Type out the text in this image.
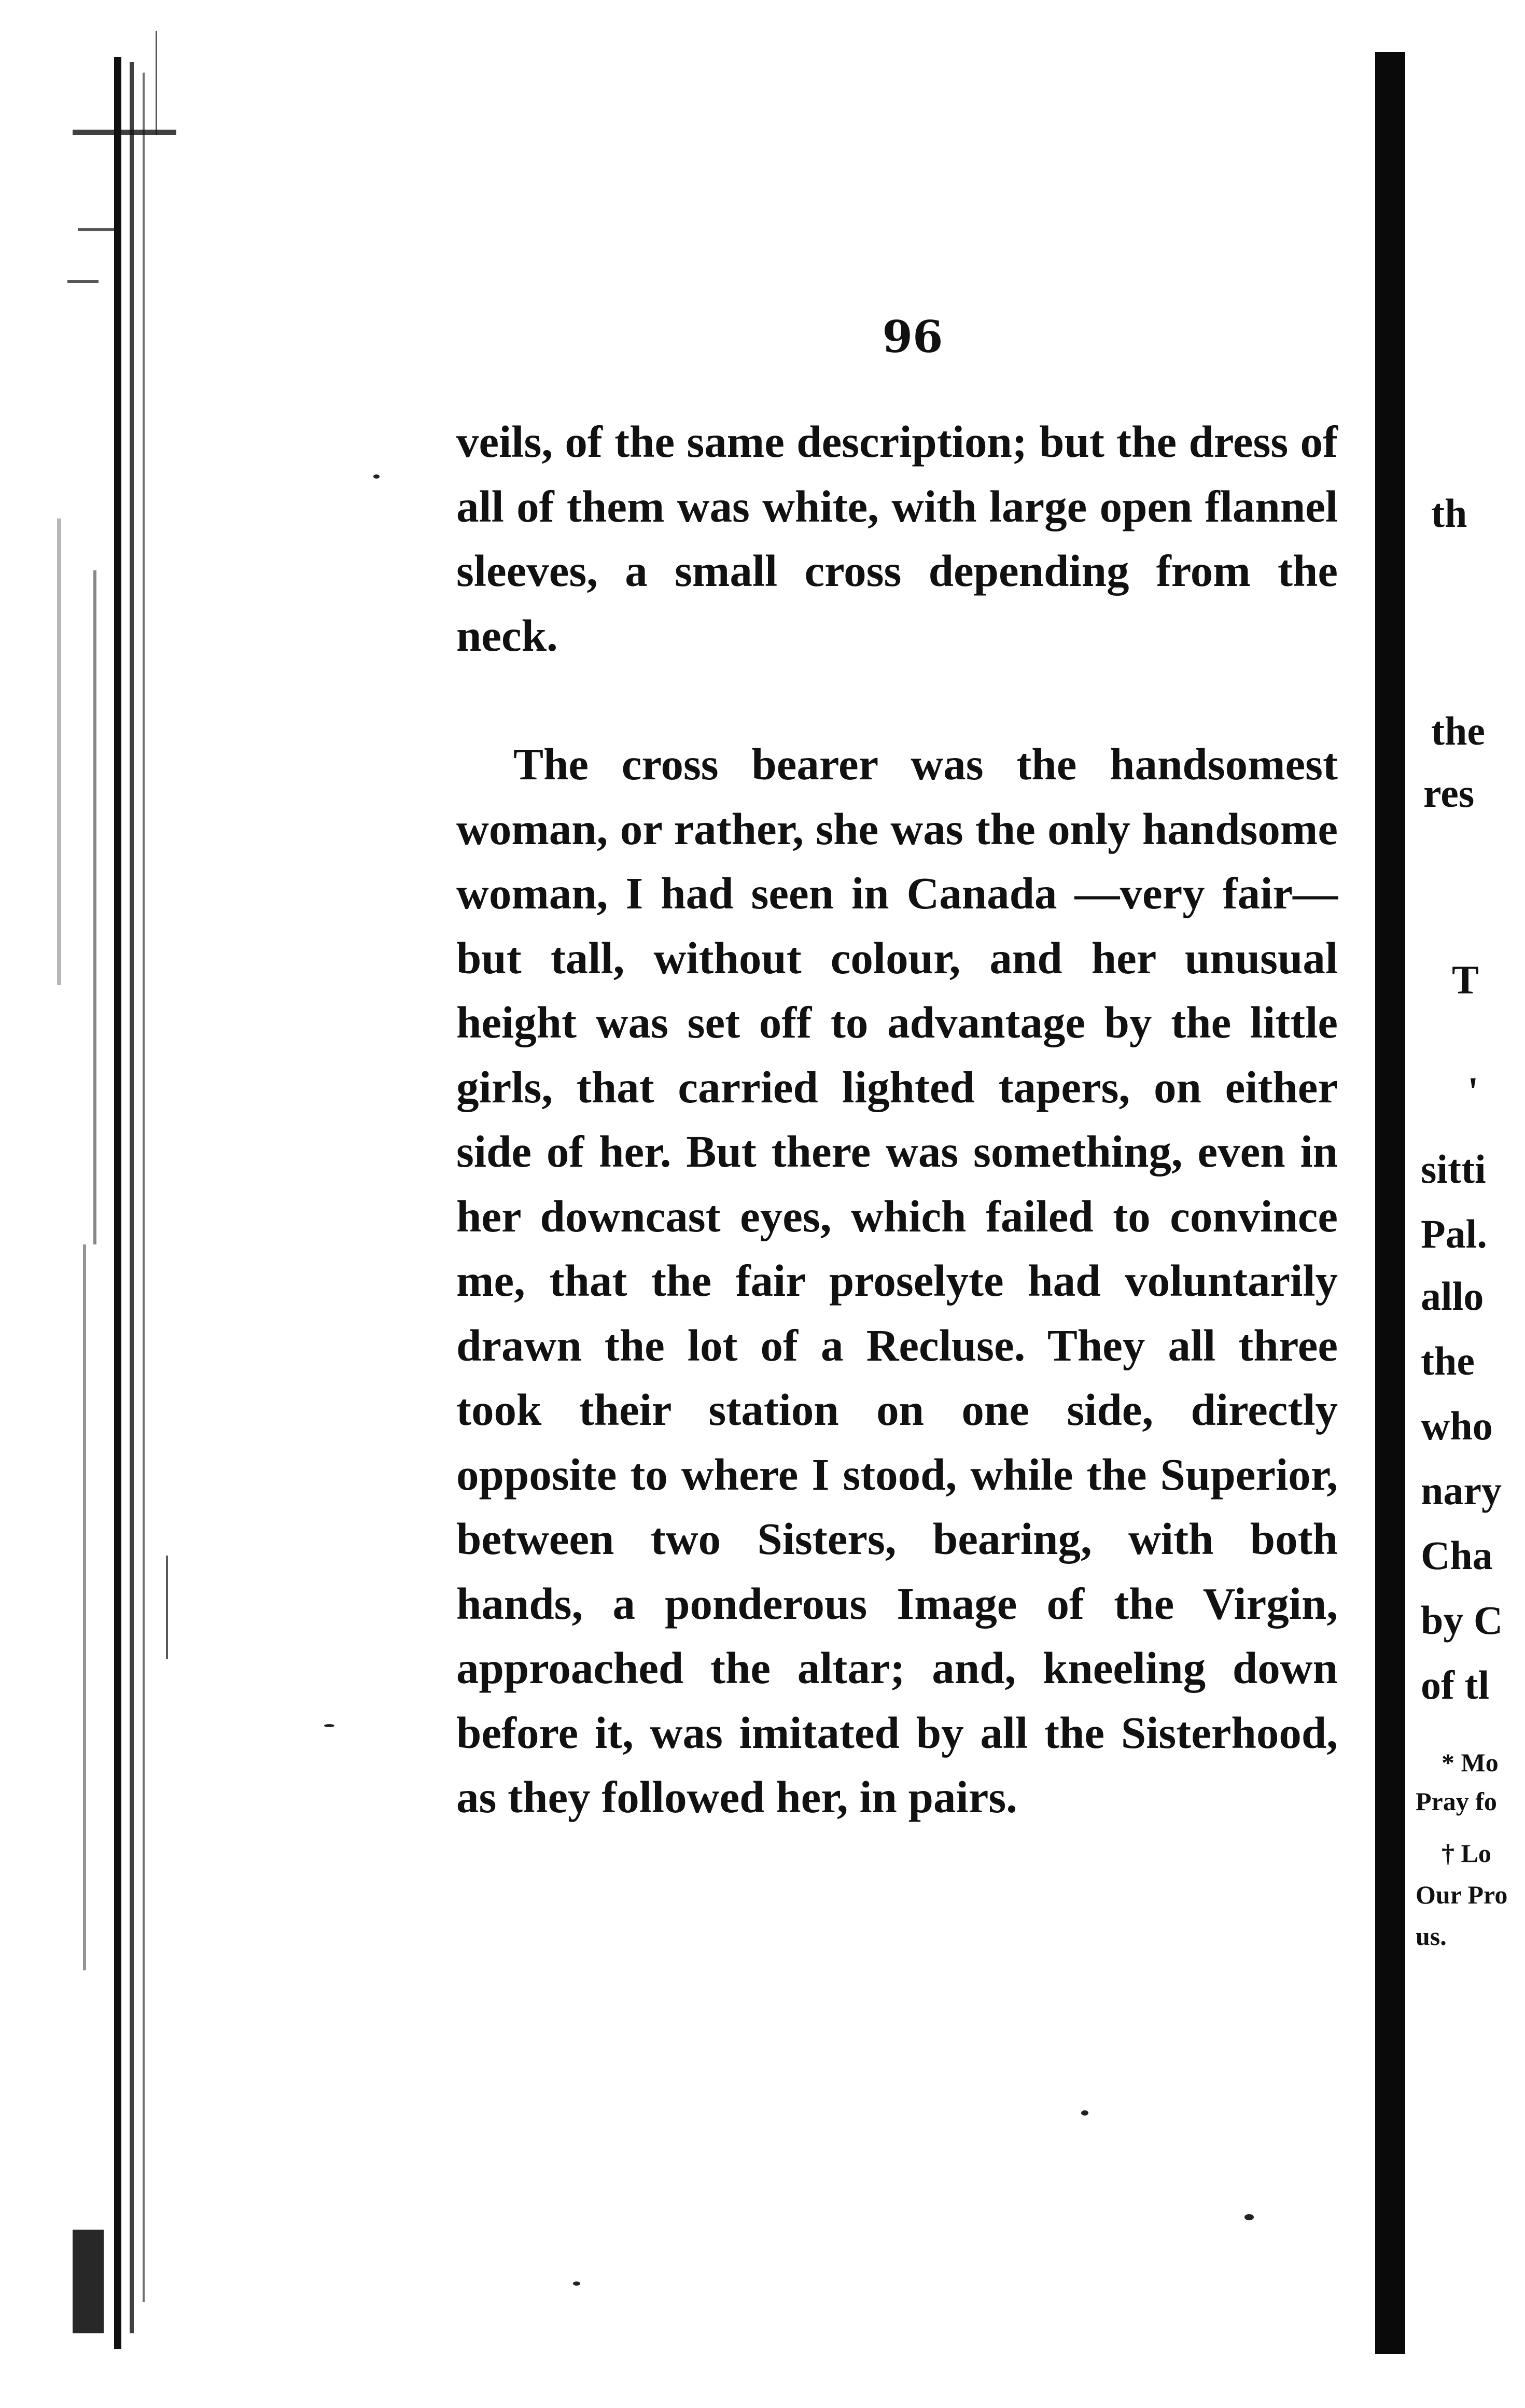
96

veils, of the same description; but the dress of all of them was white, with large open flannel sleeves, a small cross depending from the neck.

The cross bearer was the handsomest woman, or rather, she was the only handsome woman, I had seen in Canada —very fair—but tall, without colour, and her unusual height was set off to advantage by the little girls, that carried lighted tapers, on either side of her. But there was something, even in her downcast eyes, which failed to convince me, that the fair proselyte had voluntarily drawn the lot of a Recluse. They all three took their station on one side, directly opposite to where I stood, while the Superior, between two Sisters, bearing, with both hands, a ponderous Image of the Virgin, approached the altar; and, kneeling down before it, was imitated by all the Sisterhood, as they followed her, in pairs.

th
the
res
T
'
sitti
Pal.
allo
the
who
nary
Cha
by C
of tl
* Mo
Pray fo
† Lo
Our Pro
us.
